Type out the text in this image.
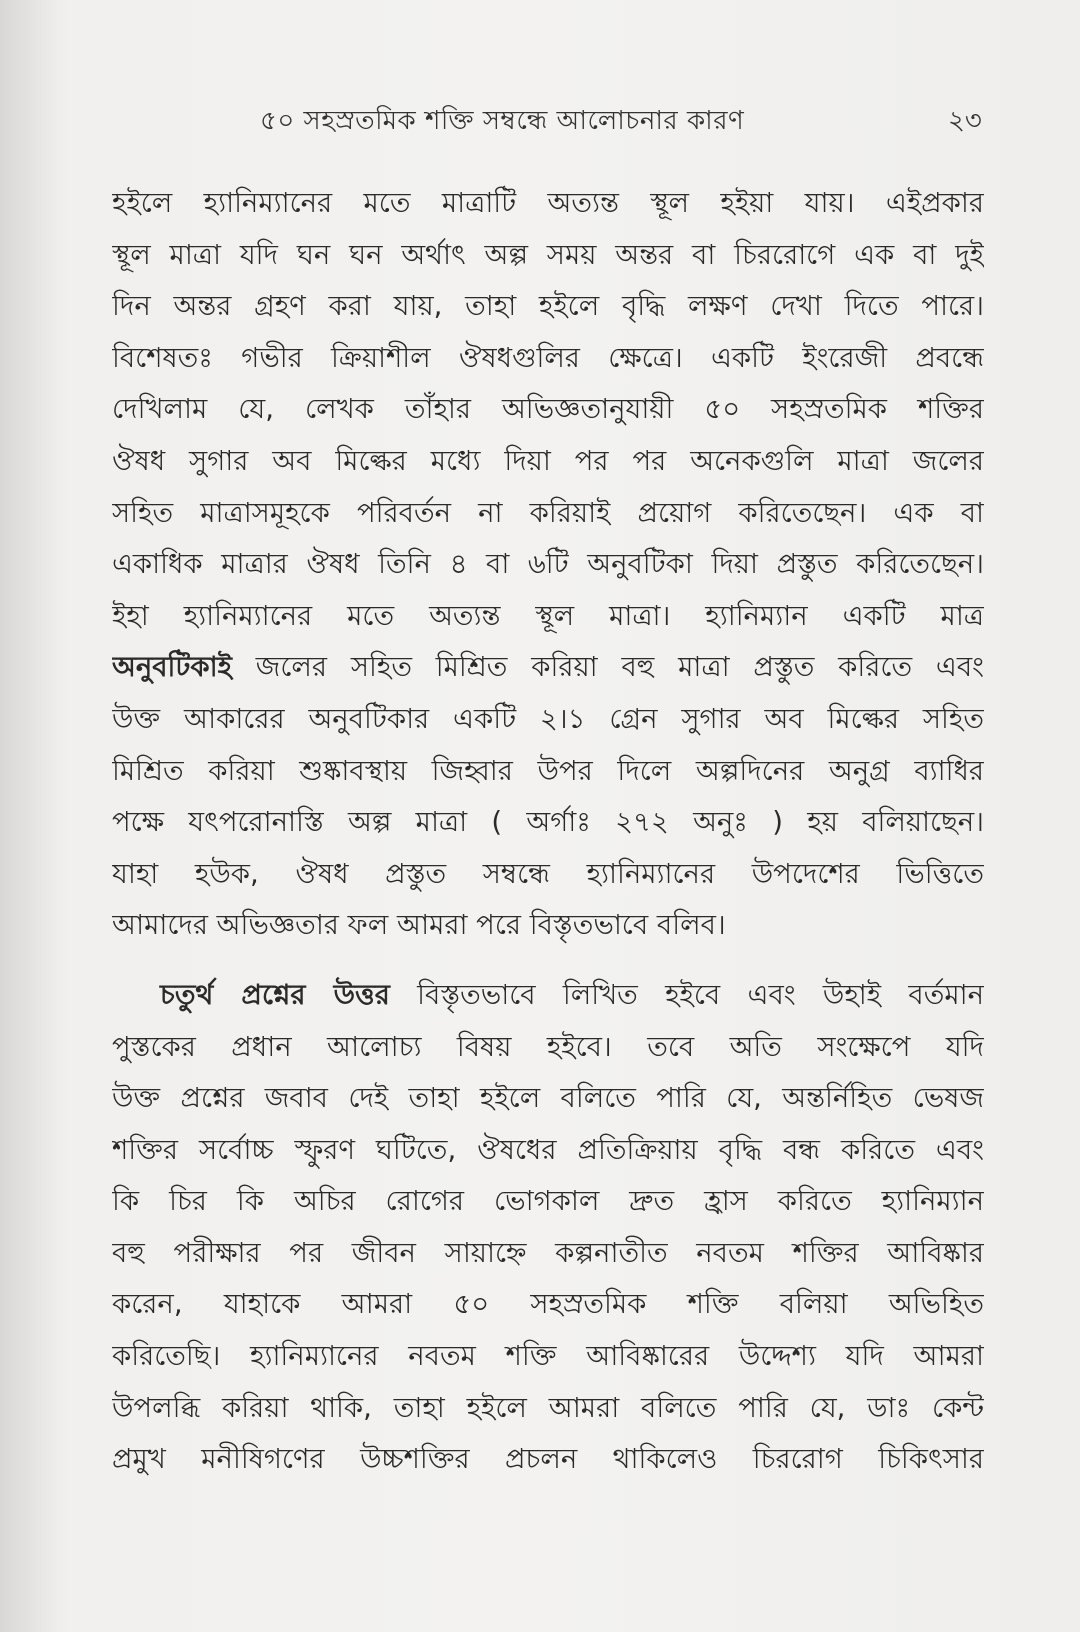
৫০ সহস্রতমিক শক্তি সম্বন্ধে আলোচনার কারণ	২৩
হইলে হ্যানিম্যানের মতে মাত্রাটি অত্যন্ত স্থূল হইয়া যায়। এইপ্রকার
স্থূল মাত্রা যদি ঘন ঘন অর্থাৎ অল্প সময় অন্তর বা চিররোগে এক বা দুই
দিন অন্তর গ্রহণ করা যায়, তাহা হইলে বৃদ্ধি লক্ষণ দেখা দিতে পারে।
বিশেষতঃ গভীর ক্রিয়াশীল ঔষধগুলির ক্ষেত্রে। একটি ইংরেজী প্রবন্ধে
দেখিলাম যে, লেখক তাঁহার অভিজ্ঞতানুযায়ী ৫০ সহস্রতমিক শক্তির
ঔষধ সুগার অব মিল্কের মধ্যে দিয়া পর পর অনেকগুলি মাত্রা জলের
সহিত মাত্রাসমূহকে পরিবর্তন না করিয়াই প্রয়োগ করিতেছেন। এক বা
একাধিক মাত্রার ঔষধ তিনি ৪ বা ৬টি অনুবটিকা দিয়া প্রস্তুত করিতেছেন।
ইহা হ্যানিম্যানের মতে অত্যন্ত স্থূল মাত্রা। হ্যানিম্যান একটি মাত্র
অনুবটিকাই জলের সহিত মিশ্রিত করিয়া বহু মাত্রা প্রস্তুত করিতে এবং
উক্ত আকারের অনুবটিকার একটি ২।১ গ্রেন সুগার অব মিল্কের সহিত
মিশ্রিত করিয়া শুষ্কাবস্থায় জিহ্বার উপর দিলে অল্পদিনের অনুগ্র ব্যাধির
পক্ষে যৎপরোনাস্তি অল্প মাত্রা ( অর্গাঃ ২৭২ অনুঃ ) হয় বলিয়াছেন।
যাহা হউক, ঔষধ প্রস্তুত সম্বন্ধে হ্যানিম্যানের উপদেশের ভিত্তিতে
আমাদের অভিজ্ঞতার ফল আমরা পরে বিস্তৃতভাবে বলিব।
চতুর্থ প্রশ্নের উত্তর বিস্তৃতভাবে লিখিত হইবে এবং উহাই বর্তমান
পুস্তকের প্রধান আলোচ্য বিষয় হইবে। তবে অতি সংক্ষেপে যদি
উক্ত প্রশ্নের জবাব দেই তাহা হইলে বলিতে পারি যে, অন্তর্নিহিত ভেষজ
শক্তির সর্বোচ্চ স্ফুরণ ঘটিতে, ঔষধের প্রতিক্রিয়ায় বৃদ্ধি বন্ধ করিতে এবং
কি চির কি অচির রোগের ভোগকাল দ্রুত হ্রাস করিতে হ্যানিম্যান
বহু পরীক্ষার পর জীবন সায়াহ্নে কল্পনাতীত নবতম শক্তির আবিষ্কার
করেন, যাহাকে আমরা ৫০ সহস্রতমিক শক্তি বলিয়া অভিহিত
করিতেছি। হ্যানিম্যানের নবতম শক্তি আবিষ্কারের উদ্দেশ্য যদি আমরা
উপলব্ধি করিয়া থাকি, তাহা হইলে আমরা বলিতে পারি যে, ডাঃ কেন্ট
প্রমুখ মনীষিগণের উচ্চশক্তির প্রচলন থাকিলেও চিররোগ চিকিৎসার
